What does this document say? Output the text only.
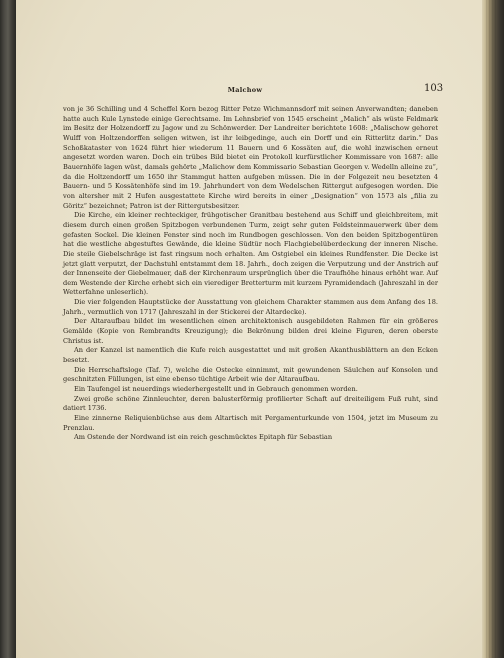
Malchow	103

von je 36 Schilling und 4 Scheffel Korn bezog Ritter Petze Wichmannsdorf mit seinen Anverwandten; daneben hatte auch Kule Lynstede einige Gerechtsame. Im Lehnsbrief von 1545 erscheint „Malich“ als wüste Feldmark im Besitz der Holzendorff zu Jagow und zu Schönwerder. Der Landreiter berichtete 1608: „Malischow gehoret Wulff von Holtzendorffen seligen witwen, ist ihr leibgedinge, auch ein Dorff und ein Ritterlitz darin.“ Das Schoßkataster von 1624 führt hier wiederum 11 Bauern und 6 Kossäten auf, die wohl inzwischen erneut angesetzt worden waren. Doch ein trübes Bild bietet ein Protokoll kurfürstlicher Kommissare von 1687: alle Bauernhöfe lagen wüst, damals gehörte „Malichow dem Kommissario Sebastian Georgen v. Wedelln alleine zu“, da die Holtzendorff um 1650 ihr Stammgut hatten aufgeben müssen. Die in der Folgezeit neu besetzten 4 Bauern- und 5 Kossätenhöfe sind im 19. Jahrhundert von dem Wedelschen Rittergut aufgesogen worden. Die von altersher mit 2 Hufen ausgestattete Kirche wird bereits in einer „Designation“ von 1573 als „filia zu Göritz“ bezeichnet; Patron ist der Rittergutsbesitzer.

Die Kirche, ein kleiner rechteckiger, frühgotischer Granitbau bestehend aus Schiff und gleichbreitem, mit diesem durch einen großen Spitzbogen verbundenen Turm, zeigt sehr guten Feldsteinmauerwerk über dem gefasten Sockel. Die kleinen Fenster sind noch im Rundbogen geschlossen. Von den beiden Spitzbogentüren hat die westliche abgestuftes Gewände, die kleine Südtür noch Flachgiebelüberdeckung der inneren Nische. Die steile Giebelschräge ist fast ringsum noch erhalten. Am Ostgiebel ein kleines Rundfenster. Die Decke ist jetzt glatt verputzt, der Dachstuhl entstammt dem 18. Jahrh., doch zeigen die Verputzung und der Anstrich auf der Innenseite der Giebelmauer, daß der Kirchenraum ursprünglich über die Traufhöhe hinaus erhöht war. Auf dem Westende der Kirche erhebt sich ein vierediger Bretterturm mit kurzem Pyramidendach (Jahreszahl in der Wetterfahne unleserlich).

Die vier folgenden Hauptstücke der Ausstattung von gleichem Charakter stammen aus dem Anfang des 18. Jahrh., vermutlich von 1717 (Jahreszahl in der Stickerei der Altardecke).

Der Altaraufbau bildet im wesentlichen einen architektonisch ausgebildeten Rahmen für ein größeres Gemälde (Kopie von Rembrandts Kreuzigung); die Bekrönung bilden drei kleine Figuren, deren oberste Christus ist.

An der Kanzel ist namentlich die Kufe reich ausgestattet und mit großen Akanthusblättern an den Ecken besetzt.

Die Herrschaftsloge (Taf. 7), welche die Ostecke einnimmt, mit gewundenen Säulchen auf Konsolen und geschnitzten Füllungen, ist eine ebenso tüchtige Arbeit wie der Altaraufbau.

Ein Taufengel ist neuerdings wiederhergestellt und in Gebrauch genommen worden.

Zwei große schöne Zinnleuchter, deren balusterförmig profilierter Schaft auf dreiteiligem Fuß ruht, sind datiert 1736.

Eine zinnerne Reliquienbüchse aus dem Altartisch mit Pergamenturkunde von 1504, jetzt im Museum zu Prenzlau.

Am Ostende der Nordwand ist ein reich geschmücktes Epitaph für Sebastian
